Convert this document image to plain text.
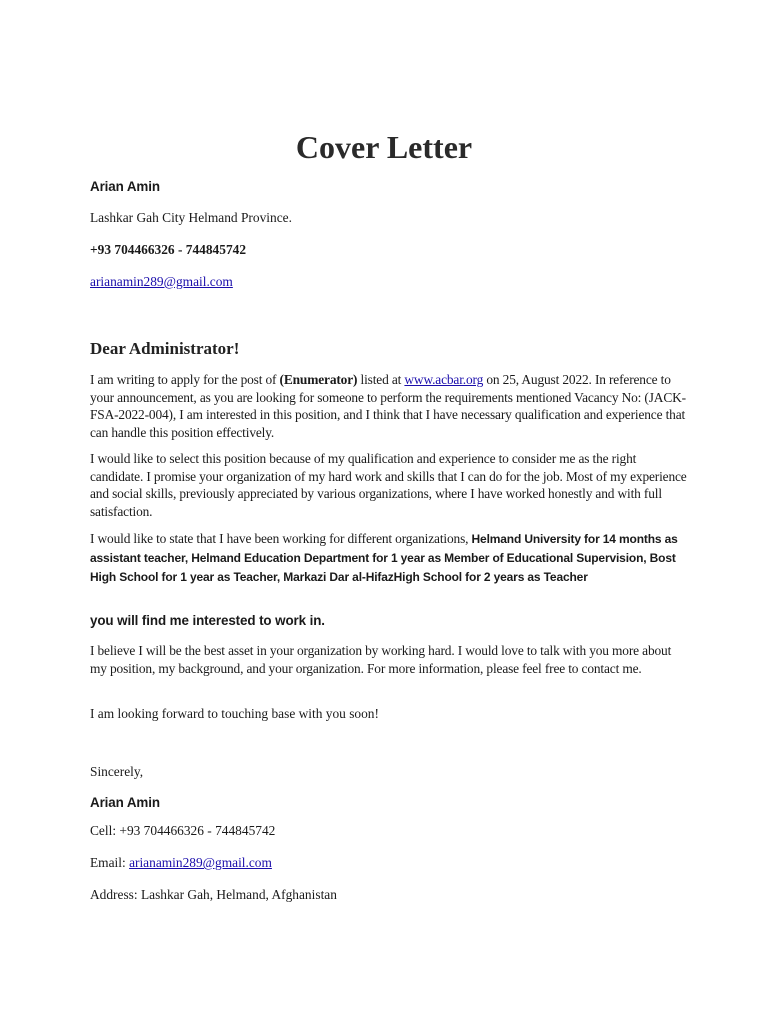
Cover Letter
Arian Amin
Lashkar Gah City Helmand Province.
+93 704466326 - 744845742
arianamin289@gmail.com
Dear Administrator!
I am writing to apply for the post of (Enumerator) listed at www.acbar.org on 25, August 2022. In reference to your announcement, as you are looking for someone to perform the requirements mentioned Vacancy No: (JACK-FSA-2022-004), I am interested in this position, and I think that I have necessary qualification and experience that can handle this position effectively.
I would like to select this position because of my qualification and experience to consider me as the right candidate. I promise your organization of my hard work and skills that I can do for the job. Most of my experience and social skills, previously appreciated by various organizations, where I have worked honestly and with full satisfaction.
I would like to state that I have been working for different organizations, Helmand University for 14 months as assistant teacher, Helmand Education Department for 1 year as Member of Educational Supervision, Bost High School for 1 year as Teacher, Markazi Dar al-HifazHigh School for 2 years as Teacher
you will find me interested to work in.
I believe I will be the best asset in your organization by working hard. I would love to talk with you more about my position, my background, and your organization. For more information, please feel free to contact me.
I am looking forward to touching base with you soon!
Sincerely,
Arian Amin
Cell: +93 704466326 - 744845742
Email: arianamin289@gmail.com
Address: Lashkar Gah, Helmand, Afghanistan
